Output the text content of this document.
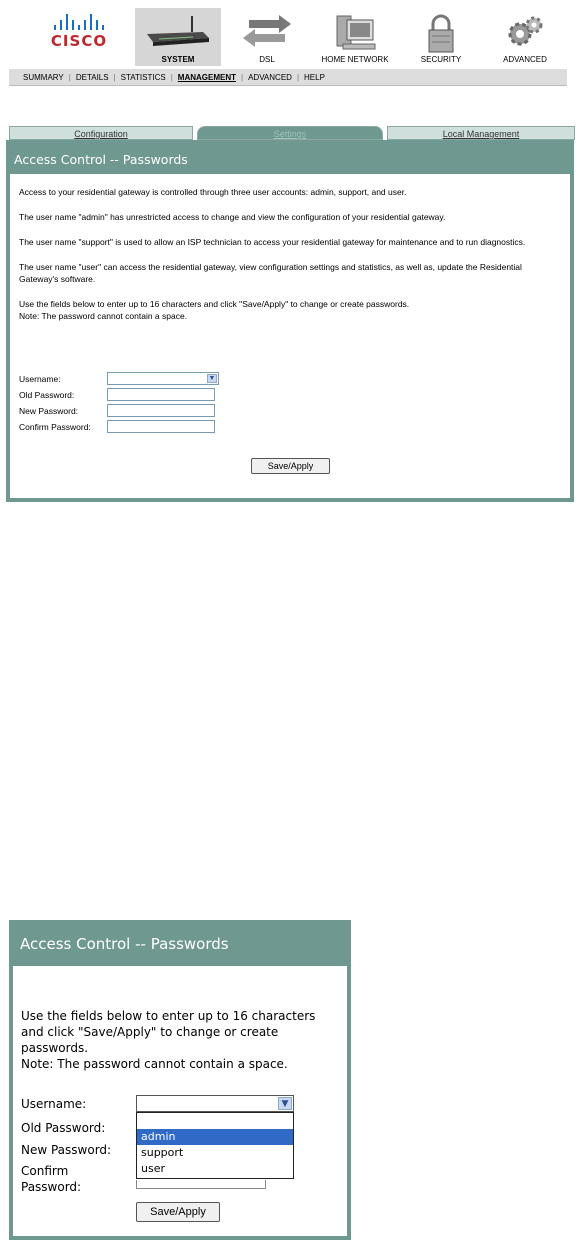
CISCO
SYSTEM	DSL	HOME NETWORK	SECURITY	ADVANCED
SUMMARY | DETAILS | STATISTICS | MANAGEMENT | ADVANCED | HELP
Configuration	Settings	Local Management
Access Control -- Passwords

Access to your residential gateway is controlled through three user accounts: admin, support, and user.

The user name "admin" has unrestricted access to change and view the configuration of your residential gateway.

The user name "support" is used to allow an ISP technician to access your residential gateway for maintenance and to run diagnostics.

The user name "user" can access the residential gateway, view configuration settings and statistics, as well as, update the Residential Gateway's software.

Use the fields below to enter up to 16 characters and click "Save/Apply" to change or create passwords.

Note: The password cannot contain a space.

Username:	▼
Old Password:
New Password:
Confirm Password:
Save/Apply
Access Control -- Passwords
Use the fields below to enter up to 16 characters and click "Save/Apply" to change or create passwords.
Note: The password cannot contain a space.
Username:
Old Password:
New Password:
Confirm
Password:
▼
admin
support
user
Save/Apply
